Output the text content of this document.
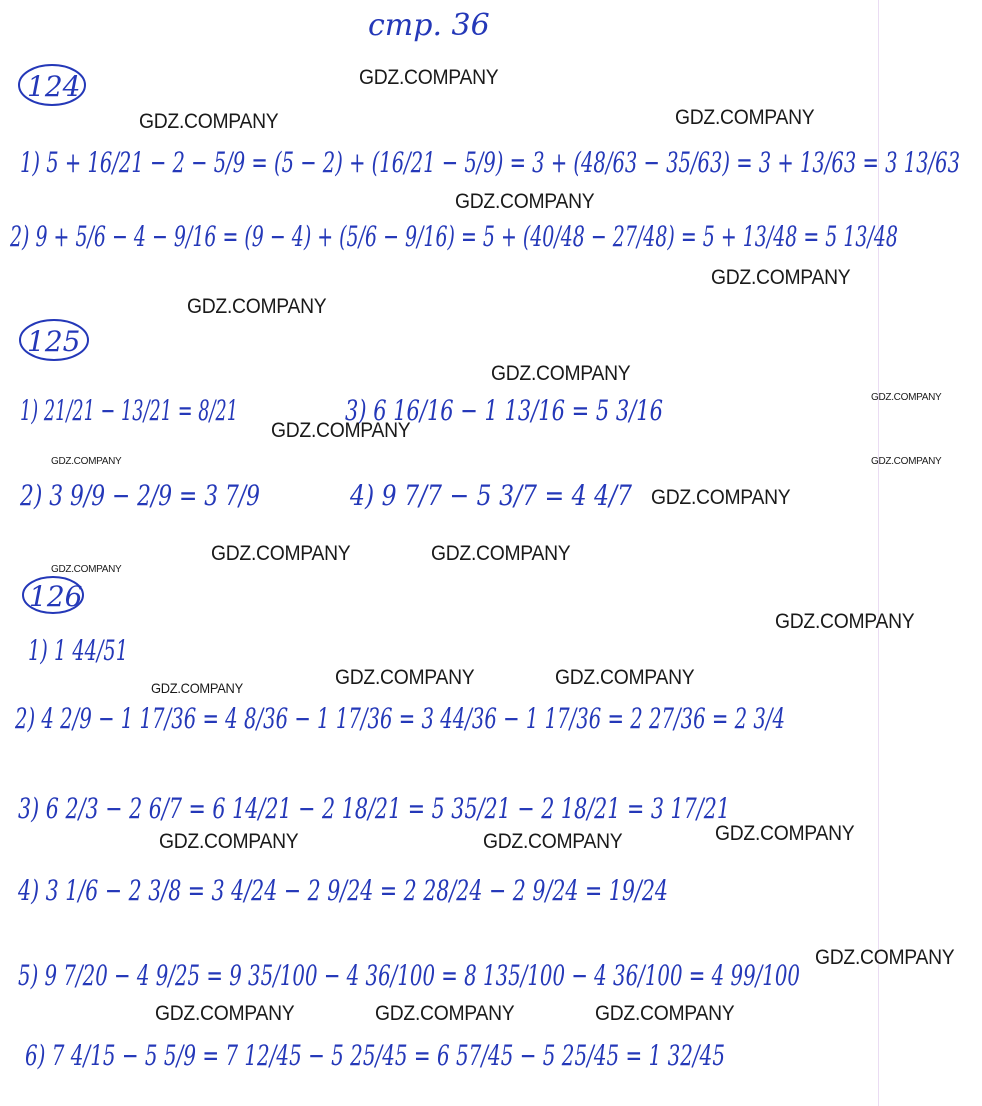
стр. 36
124
1) 5 + 16/21 − 2 − 5/9 = (5 − 2) + (16/21 − 5/9) = 3 + (48/63 − 35/63) = 3 + 13/63 = 3 13/63
2) 9 + 5/6 − 4 − 9/16 = (9 − 4) + (5/6 − 9/16) = 5 + (40/48 − 27/48) = 5 + 13/48 = 5 13/48
125
1) 21/21 − 13/21 = 8/21	3) 6 16/16 − 1 13/16 = 5 3/16
2) 3 9/9 − 2/9 = 3 7/9	4) 9 7/7 − 5 3/7 = 4 4/7
126
1) 1 44/51
2) 4 2/9 − 1 17/36 = 4 8/36 − 1 17/36 = 3 44/36 − 1 17/36 = 2 27/36 = 2 3/4
3) 6 2/3 − 2 6/7 = 6 14/21 − 2 18/21 = 5 35/21 − 2 18/21 = 3 17/21
4) 3 1/6 − 2 3/8 = 3 4/24 − 2 9/24 = 2 28/24 − 2 9/24 = 19/24
5) 9 7/20 − 4 9/25 = 9 35/100 − 4 36/100 = 8 135/100 − 4 36/100 = 4 99/100
6) 7 4/15 − 5 5/9 = 7 12/45 − 5 25/45 = 6 57/45 − 5 25/45 = 1 32/45
GDZ.COMPANY
GDZ.COMPANY	GDZ.COMPANY
GDZ.COMPANY
GDZ.COMPANY
GDZ.COMPANY
GDZ.COMPANY
GDZ.COMPANY
GDZ.COMPANY
GDZ.COMPANY	GDZ.COMPANY
GDZ.COMPANY
GDZ.COMPANY	GDZ.COMPANY
GDZ.COMPANY
GDZ.COMPANY
GDZ.COMPANY	GDZ.COMPANY
GDZ.COMPANY
GDZ.COMPANY
GDZ.COMPANY	GDZ.COMPANY
GDZ.COMPANY
GDZ.COMPANY	GDZ.COMPANY	GDZ.COMPANY
